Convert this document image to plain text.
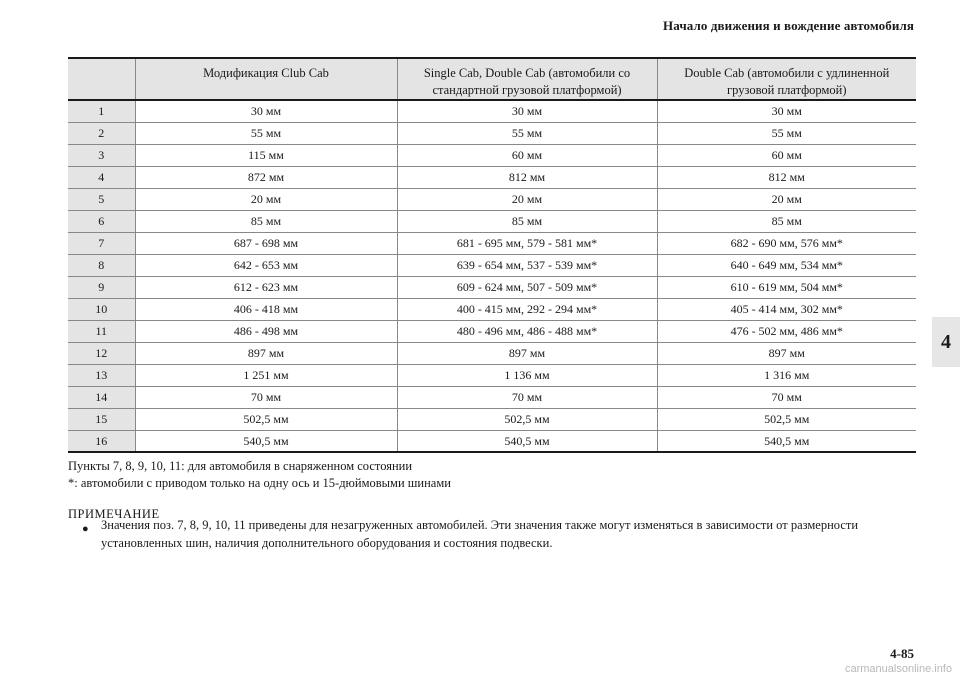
Начало движения и вождение автомобиля
4
	Модификация Club Cab	Single Cab, Double Cab (автомобили со стандартной грузовой платформой)	Double Cab (автомобили с удлиненной грузовой платформой)
1	30 мм	30 мм	30 мм
2	55 мм	55 мм	55 мм
3	115 мм	60 мм	60 мм
4	872 мм	812 мм	812 мм
5	20 мм	20 мм	20 мм
6	85 мм	85 мм	85 мм
7	687 - 698 мм	681 - 695 мм, 579 - 581 мм*	682 - 690 мм, 576 мм*
8	642 - 653 мм	639 - 654 мм, 537 - 539 мм*	640 - 649 мм, 534 мм*
9	612 - 623 мм	609 - 624 мм, 507 - 509 мм*	610 - 619 мм, 504 мм*
10	406 - 418 мм	400 - 415 мм, 292 - 294 мм*	405 - 414 мм, 302 мм*
11	486 - 498 мм	480 - 496 мм, 486 - 488 мм*	476 - 502 мм, 486 мм*
12	897 мм	897 мм	897 мм
13	1 251 мм	1 136 мм	1 316 мм
14	70 мм	70 мм	70 мм
15	502,5 мм	502,5 мм	502,5 мм
16	540,5 мм	540,5 мм	540,5 мм
Пункты 7, 8, 9, 10, 11: для автомобиля в снаряженном состоянии
*: автомобили с приводом только на одну ось и 15-дюймовыми шинами
ПРИМЕЧАНИЕ
● Значения поз. 7, 8, 9, 10, 11 приведены для незагруженных автомобилей. Эти значения также могут изменяться в зависимости от размерности установленных шин, наличия дополнительного оборудования и состояния подвески.

4-85
carmanualsonline.info
